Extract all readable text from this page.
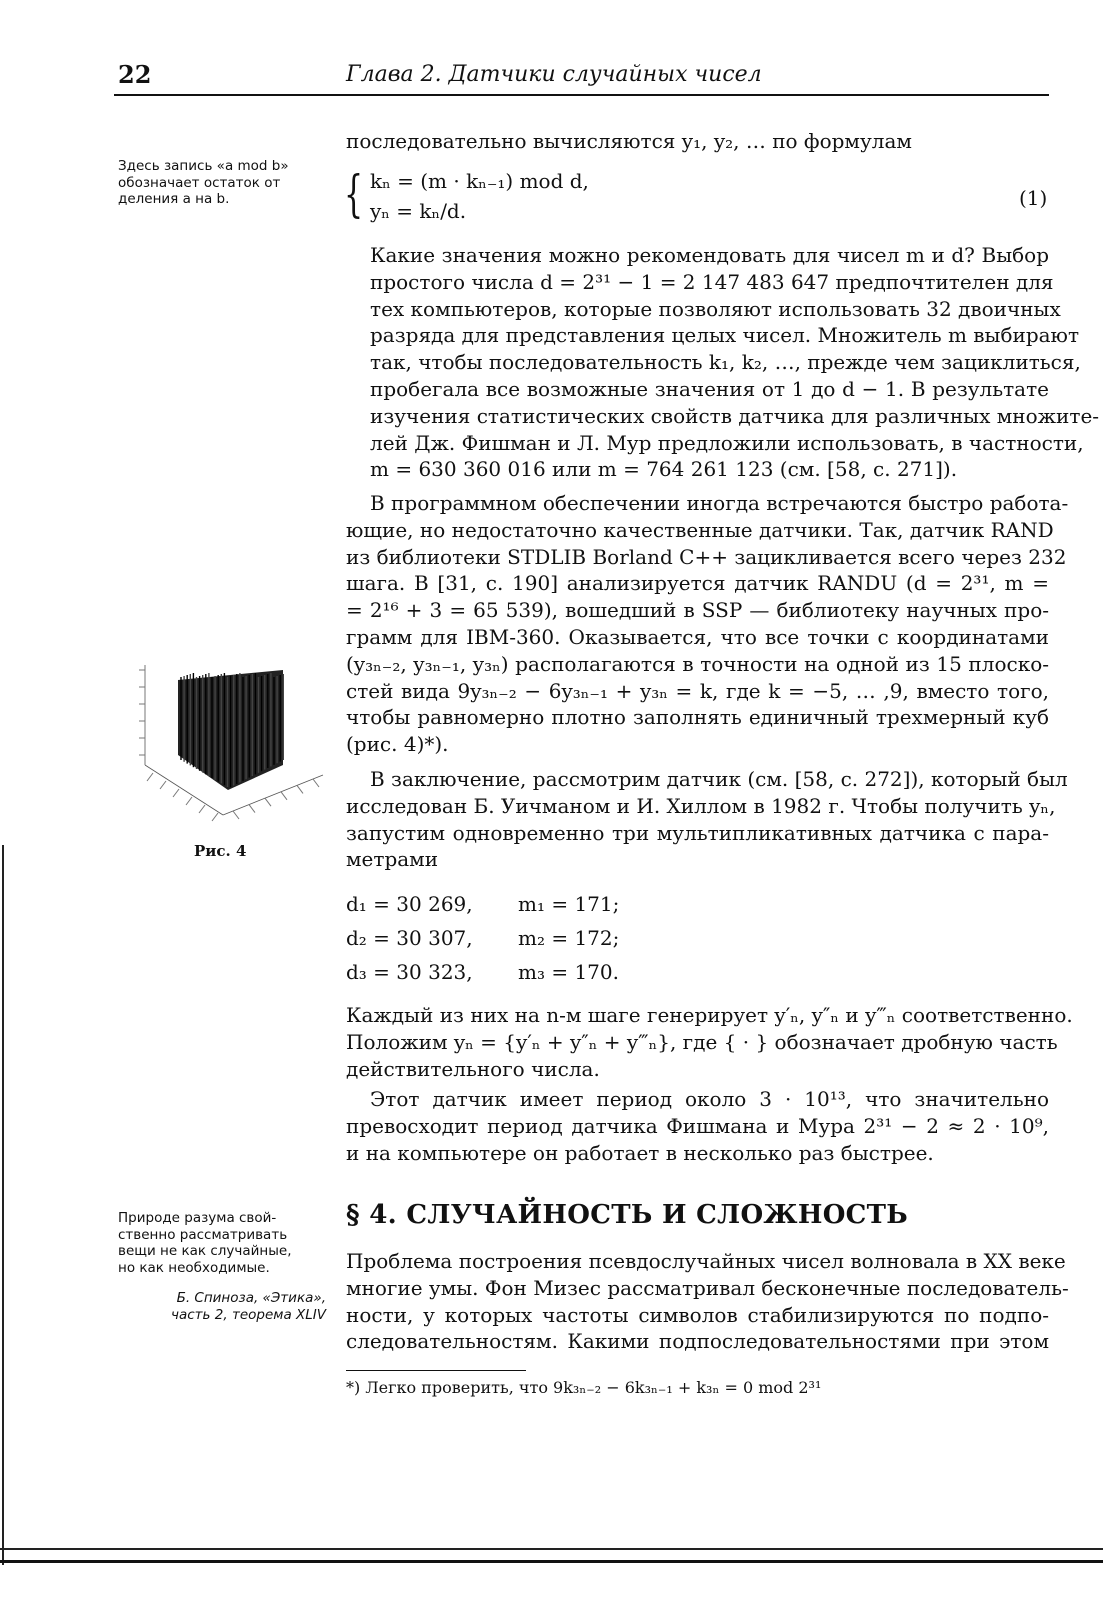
22	Глава 2. Датчики случайных чисел
Здесь запись «a mod b»
обозначает остаток от
деления a на b.
последовательно вычисляются y₁, y₂, … по формулам
{ kₙ = (m · kₙ₋₁) mod d,
yₙ = kₙ/d.
(1)
Какие значения можно рекомендовать для чисел m и d? Выбор
простого числа d = 2³¹ − 1 = 2 147 483 647 предпочтителен для
тех компьютеров, которые позволяют использовать 32 двоичных
разряда для представления целых чисел. Множитель m выбирают
так, чтобы последовательность k₁, k₂, …, прежде чем зациклиться,
пробегала все возможные значения от 1 до d − 1. В результате
изучения статистических свойств датчика для различных множите-
лей Дж. Фишман и Л. Мур предложили использовать, в частности,
m = 630 360 016 или m = 764 261 123 (см. [58, с. 271]).
В программном обеспечении иногда встречаются быстро работа-
ющие, но недостаточно качественные датчики. Так, датчик RAND
из библиотеки STDLIB Borland C++ зацикливается всего через 232
шага. В [31, с. 190] анализируется датчик RANDU (d = 2³¹, m =
= 2¹⁶ + 3 = 65 539), вошедший в SSP — библиотеку научных про-
грамм для IBM-360. Оказывается, что все точки с координатами
(y₃ₙ₋₂, y₃ₙ₋₁, y₃ₙ) располагаются в точности на одной из 15 плоско-
стей вида 9y₃ₙ₋₂ − 6y₃ₙ₋₁ + y₃ₙ = k, где k = −5, … ,9, вместо того,
чтобы равномерно плотно заполнять единичный трехмерный куб
(рис. 4)*).
Рис. 4
В заключение, рассмотрим датчик (см. [58, с. 272]), который был
исследован Б. Уичманом и И. Хиллом в 1982 г. Чтобы получить yₙ,
запустим одновременно три мультипликативных датчика с пара-
метрами
d₁ = 30 269, m₁ = 171;
d₂ = 30 307, m₂ = 172;
d₃ = 30 323, m₃ = 170.
Каждый из них на n-м шаге генерирует y′ₙ, y″ₙ и y‴ₙ соответственно.
Положим yₙ = {y′ₙ + y″ₙ + y‴ₙ}, где { · } обозначает дробную часть
действительного числа.
Этот датчик имеет период около 3 · 10¹³, что значительно
превосходит период датчика Фишмана и Мура 2³¹ − 2 ≈ 2 · 10⁹,
и на компьютере он работает в несколько раз быстрее.
Природе разума свой-
ственно рассматривать
вещи не как случайные,
но как необходимые.
Б. Спиноза, «Этика»,
часть 2, теорема XLIV
§ 4. СЛУЧАЙНОСТЬ И СЛОЖНОСТЬ
Проблема построения псевдослучайных чисел волновала в XX веке
многие умы. Фон Мизес рассматривал бесконечные последователь-
ности, у которых частоты символов стабилизируются по подпо-
следовательностям. Какими подпоследовательностями при этом
*) Легко проверить, что 9k₃ₙ₋₂ − 6k₃ₙ₋₁ + k₃ₙ = 0 mod 2³¹
